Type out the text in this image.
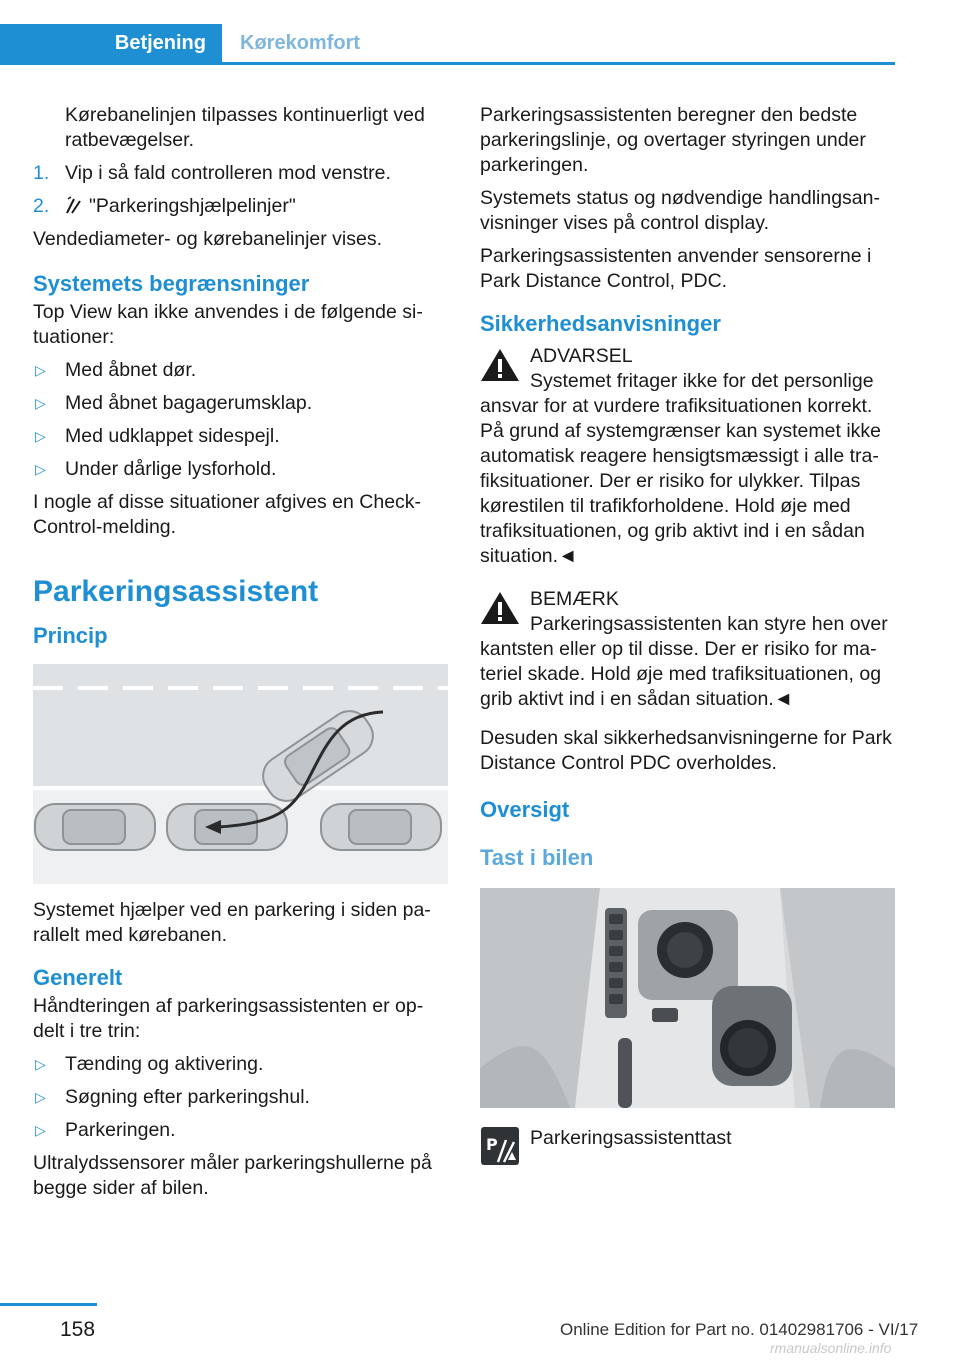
Betjening	Kørekomfort

Kørebanelinjen tilpasses kontinuerligt ved ratbevægelser.

1. Vip i så fald controlleren mod venstre.
2. "Parkeringshjælpelinjer"

Vendediameter- og kørebanelinjer vises.

Systemets begrænsninger

Top View kan ikke anvendes i de følgende si-tuationer:

▷ Med åbnet dør.
▷ Med åbnet bagagerumsklap.
▷ Med udklappet sidespejl.
▷ Under dårlige lysforhold.

I nogle af disse situationer afgives en Check-Control-melding.

Parkeringsassistent
Princip

Systemet hjælper ved en parkering i siden pa-rallelt med kørebanen.

Generelt

Håndteringen af parkeringsassistenten er op-delt i tre trin:

▷ Tænding og aktivering.
▷ Søgning efter parkeringshul.
▷ Parkeringen.

Ultralydssensorer måler parkeringshullerne på begge sider af bilen.

Parkeringsassistenten beregner den bedste parkeringslinje, og overtager styringen under parkeringen.

Systemets status og nødvendige handlingsan-visninger vises på control display.

Parkeringsassistenten anvender sensorerne i Park Distance Control, PDC.

Sikkerhedsanvisninger
ADVARSEL

Systemet fritager ikke for det personlige ansvar for at vurdere trafiksituationen korrekt. På grund af systemgrænser kan systemet ikke automatisk reagere hensigtsmæssigt i alle tra-fiksituationer. Der er risiko for ulykker. Tilpas kørestilen til trafikforholdene. Hold øje med trafiksituationen, og grib aktivt ind i en sådan situation.◄

BEMÆRK

Parkeringsassistenten kan styre hen over kantsten eller op til disse. Der er risiko for ma-teriel skade. Hold øje med trafiksituationen, og grib aktivt ind i en sådan situation.◄

Desuden skal sikkerhedsanvisningerne for Park Distance Control PDC overholdes.

Oversigt
Tast i bilen
P Parkeringsassistenttast
158	Online Edition for Part no. 01402981706 - VI/17
rmanualsonline.info
